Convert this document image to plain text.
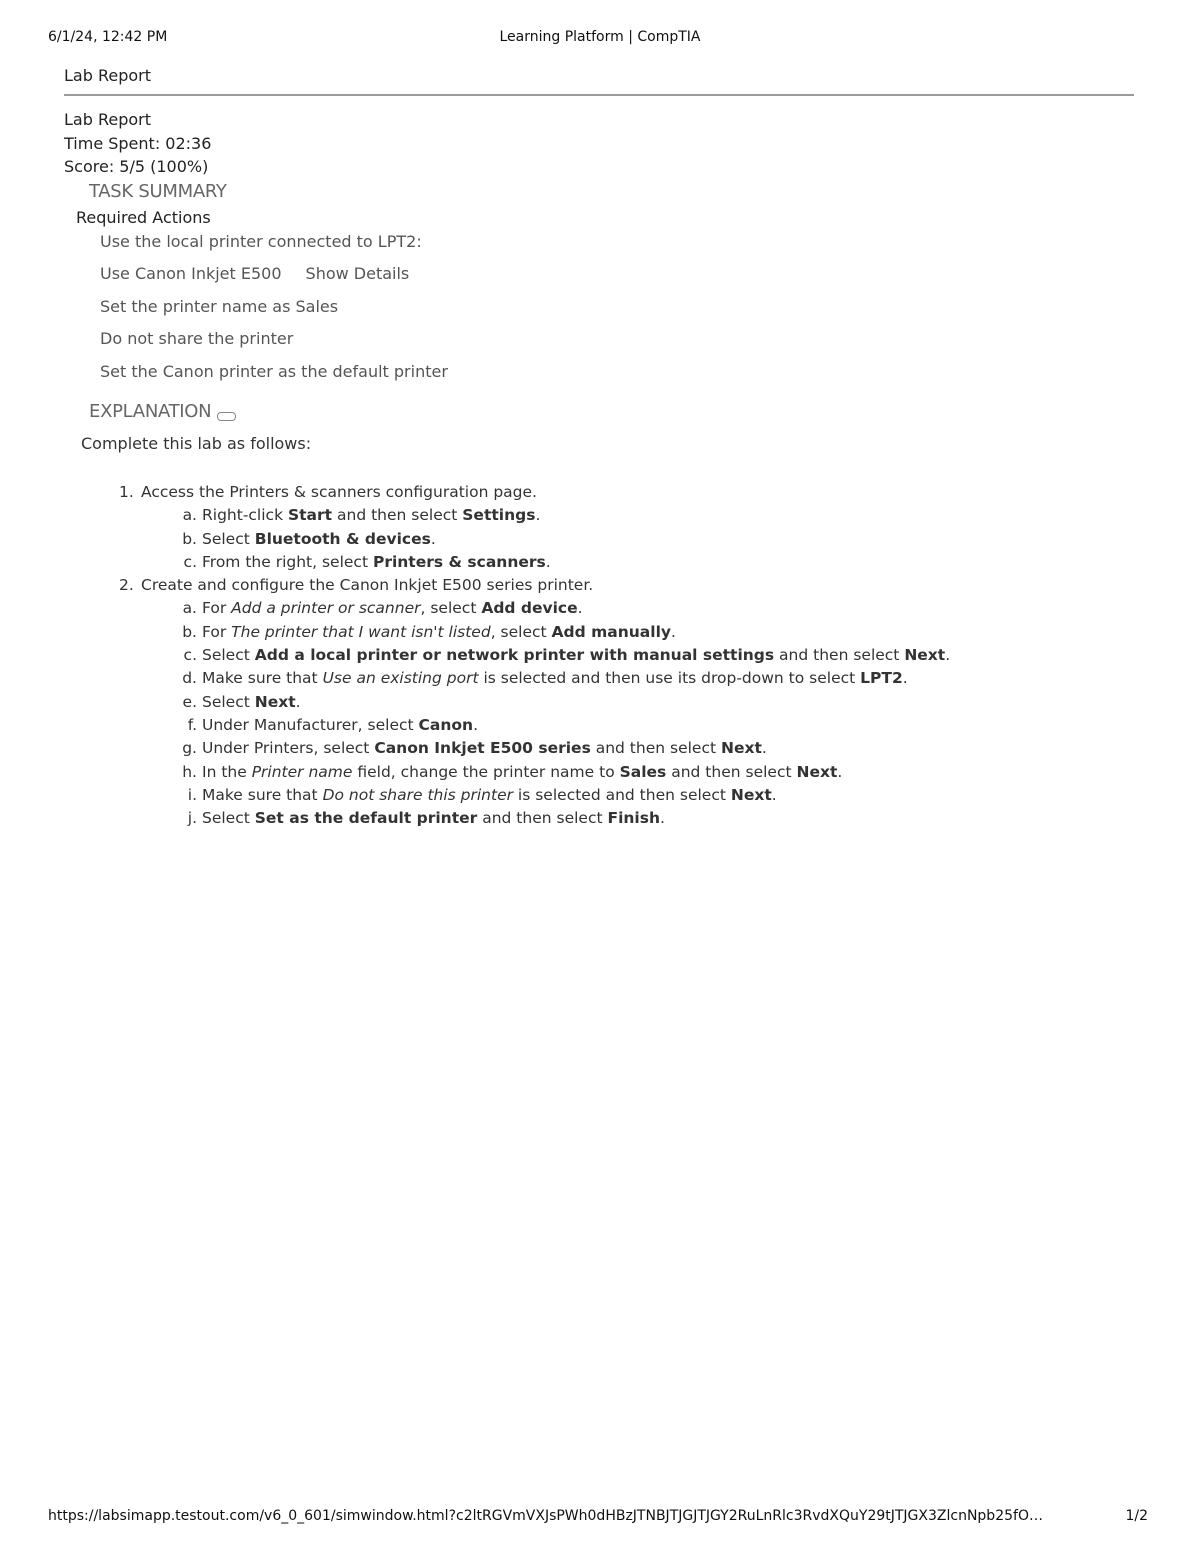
6/1/24, 12:42 PM	Learning Platform | CompTIA
Lab Report
Lab Report
Time Spent: 02:36
Score: 5/5 (100%)
TASK SUMMARY
Required Actions
Use the local printer connected to LPT2:
Use Canon Inkjet E500 Show Details
Set the printer name as Sales
Do not share the printer
Set the Canon printer as the default printer
EXPLANATION
Complete this lab as follows:
1. Access the Printers & scanners configuration page.
a. Right-click Start and then select Settings.
b. Select Bluetooth & devices.
c. From the right, select Printers & scanners.
2. Create and configure the Canon Inkjet E500 series printer.
a. For Add a printer or scanner, select Add device.
b. For The printer that I want isn't listed, select Add manually.
c. Select Add a local printer or network printer with manual settings and then select Next.
d. Make sure that Use an existing port is selected and then use its drop-down to select LPT2.
e. Select Next.
f. Under Manufacturer, select Canon.
g. Under Printers, select Canon Inkjet E500 series and then select Next.
h. In the Printer name field, change the printer name to Sales and then select Next.
i. Make sure that Do not share this printer is selected and then select Next.
j. Select Set as the default printer and then select Finish.
https://labsimapp.testout.com/v6_0_601/simwindow.html?c2ltRGVmVXJsPWh0dHBzJTNBJTJGJTJGY2RuLnRlc3RvdXQuY29tJTJGX3ZlcnNpb25fO…	1/2
